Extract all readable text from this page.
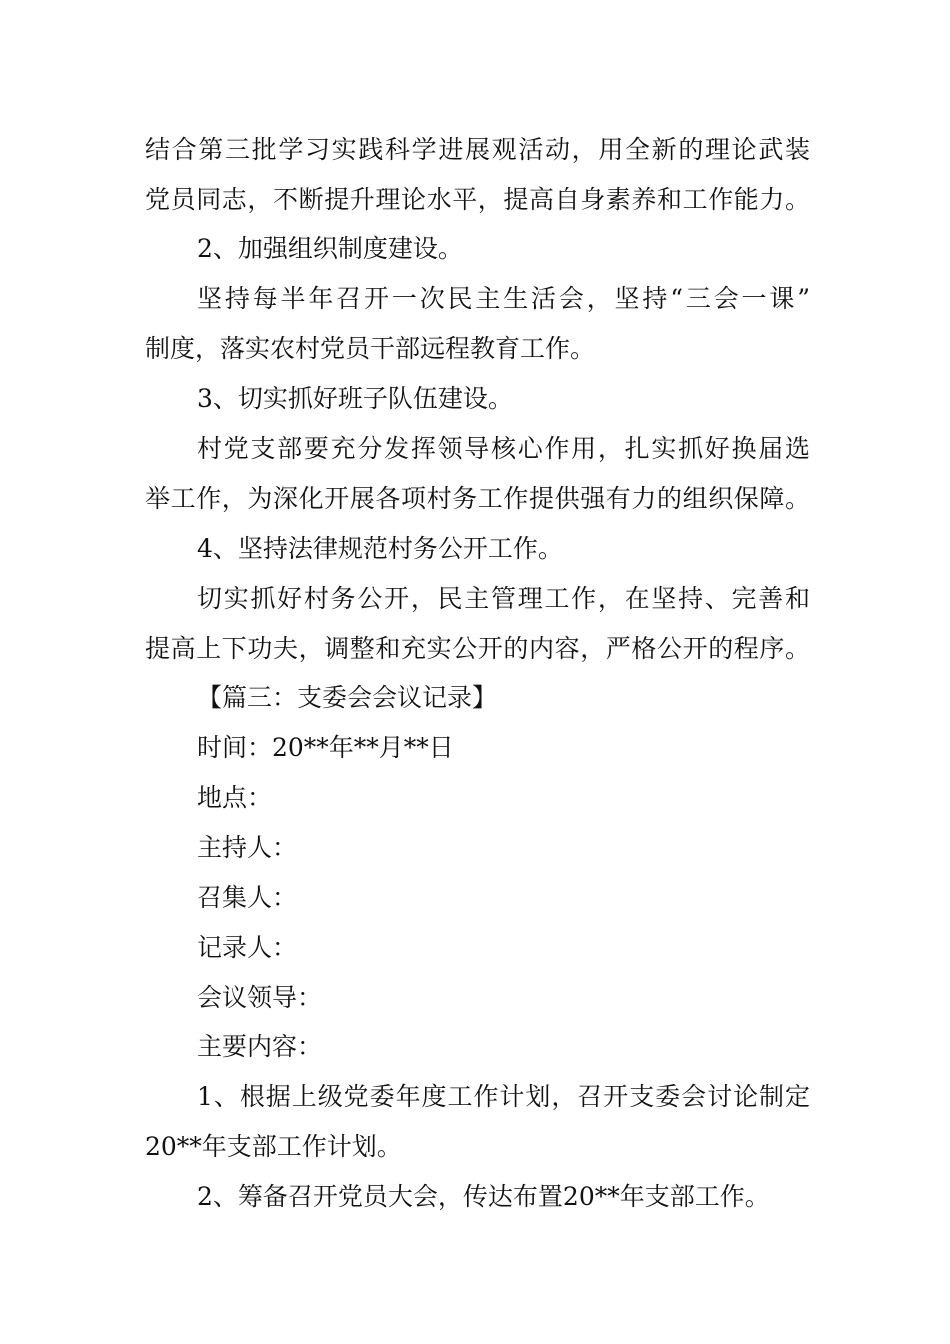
结合第三批学习实践科学进展观活动，用全新的理论武装
党员同志，不断提升理论水平，提高自身素养和工作能力。
2、加强组织制度建设。
坚持每半年召开一次民主生活会，坚持“三会一课”
制度，落实农村党员干部远程教育工作。
3、切实抓好班子队伍建设。
村党支部要充分发挥领导核心作用，扎实抓好换届选
举工作，为深化开展各项村务工作提供强有力的组织保障。
4、坚持法律规范村务公开工作。
切实抓好村务公开，民主管理工作，在坚持、完善和
提高上下功夫，调整和充实公开的内容，严格公开的程序。
【篇三：支委会会议记录】
时间：20**年**月**日
地点：
主持人：
召集人：
记录人：
会议领导：
主要内容：
1、根据上级党委年度工作计划，召开支委会讨论制定
20**年支部工作计划。
2、筹备召开党员大会，传达布置20**年支部工作。
